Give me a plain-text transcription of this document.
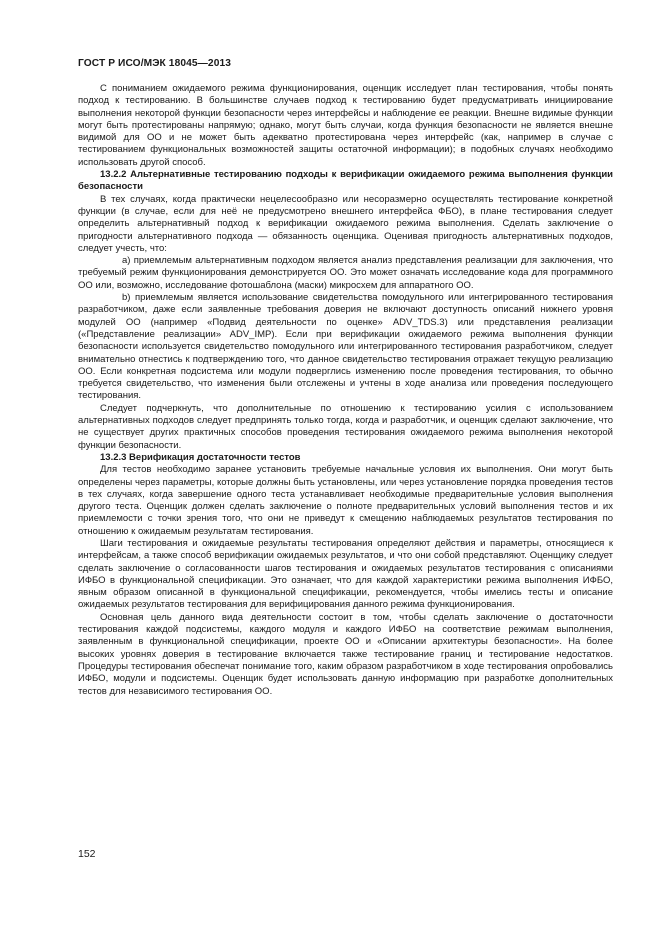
ГОСТ Р ИСО/МЭК 18045—2013

С пониманием ожидаемого режима функционирования, оценщик исследует план тестирования, чтобы понять подход к тестированию. В большинстве случаев подход к тестированию будет предусматривать инициирование выполнения некоторой функции безопасности через интерфейсы и наблюдение ее реакции. Внешне видимые функции могут быть протестированы напрямую; однако, могут быть случаи, когда функция безопасности не является внешне видимой для ОО и не может быть адекватно протестирована через интерфейс (как, например в случае с тестированием функциональных возможностей защиты остаточной информации); в подобных случаях необходимо использовать другой способ.

13.2.2 Альтернативные тестированию подходы к верификации ожидаемого режима выполнения функции безопасности

В тех случаях, когда практически нецелесообразно или несоразмерно осуществлять тестирование конкретной функции (в случае, если для неё не предусмотрено внешнего интерфейса ФБО), в плане тестирования следует определить альтернативный подход к верификации ожидаемого режима выполнения. Сделать заключение о пригодности альтернативного подхода — обязанность оценщика. Оценивая пригодность альтернативных подходов, следует учесть, что:

a) приемлемым альтернативным подходом является анализ представления реализации для заключения, что требуемый режим функционирования демонстрируется ОО. Это может означать исследование кода для программного ОО или, возможно, исследование фотошаблона (маски) микросхем для аппаратного ОО.

b) приемлемым является использование свидетельства помодульного или интегрированного тестирования разработчиком, даже если заявленные требования доверия не включают доступность описаний нижнего уровня модулей ОО (например «Подвид деятельности по оценке» ADV_TDS.3) или представления реализации («Представление реализации» ADV_IMP). Если при верификации ожидаемого режима выполнения функции безопасности используется свидетельство помодульного или интегрированного тестирования разработчиком, следует внимательно отнестись к подтверждению того, что данное свидетельство тестирования отражает текущую реализацию ОО. Если конкретная подсистема или модули подверглись изменению после проведения тестирования, то обычно требуется свидетельство, что изменения были отслежены и учтены в ходе анализа или проведения последующего тестирования.

Следует подчеркнуть, что дополнительные по отношению к тестированию усилия с использованием альтернативных подходов следует предпринять только тогда, когда и разработчик, и оценщик сделают заключение, что не существует других практичных способов проведения тестирования ожидаемого режима выполнения некоторой функции безопасности.

13.2.3 Верификация достаточности тестов

Для тестов необходимо заранее установить требуемые начальные условия их выполнения. Они могут быть определены через параметры, которые должны быть установлены, или через установление порядка проведения тестов в тех случаях, когда завершение одного теста устанавливает необходимые предварительные условия выполнения другого теста. Оценщик должен сделать заключение о полноте предварительных условий выполнения тестов и их приемлемости с точки зрения того, что они не приведут к смещению наблюдаемых результатов тестирования по отношению к ожидаемым результатам тестирования.

Шаги тестирования и ожидаемые результаты тестирования определяют действия и параметры, относящиеся к интерфейсам, а также способ верификации ожидаемых результатов, и что они собой представляют. Оценщику следует сделать заключение о согласованности шагов тестирования и ожидаемых результатов тестирования с описаниями ИФБО в функциональной спецификации. Это означает, что для каждой характеристики режима выполнения ИФБО, явным образом описанной в функциональной спецификации, рекомендуется, чтобы имелись тесты и описание ожидаемых результатов тестирования для верифицирования данного режима функционирования.

Основная цель данного вида деятельности состоит в том, чтобы сделать заключение о достаточности тестирования каждой подсистемы, каждого модуля и каждого ИФБО на соответствие режимам выполнения, заявленным в функциональной спецификации, проекте ОО и «Описании архитектуры безопасности». На более высоких уровнях доверия в тестирование включается также тестирование границ и тестирование недостатков. Процедуры тестирования обеспечат понимание того, каким образом разработчиком в ходе тестирования опробовались ИФБО, модули и подсистемы. Оценщик будет использовать данную информацию при разработке дополнительных тестов для независимого тестирования ОО.

152
